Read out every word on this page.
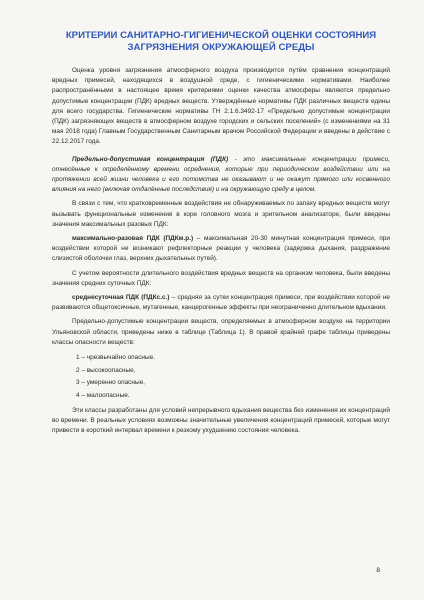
КРИТЕРИИ САНИТАРНО-ГИГИЕНИЧЕСКОЙ ОЦЕНКИ СОСТОЯНИЯ
ЗАГРЯЗНЕНИЯ ОКРУЖАЮЩЕЙ СРЕДЫ

Оценка уровня загрязнения атмосферного воздуха производится путём сравнения концентраций вредных примесей, находящихся в воздушной среде, с гигиеническими нормативами. Наиболее распространёнными в настоящее время критериями оценки качества атмосферы являются предельно допустимые концентрации (ПДК) вредных веществ. Утверждённые нормативы ПДК различных веществ едины для всего государства. Гигиенические нормативы ГН 2.1.6.3492-17 «Предельно допустимые концентрации (ПДК) загрязняющих веществ в атмосферном воздухе городских и сельских поселений» (с изменениями на 31 мая 2018 года) Главным Государственным Санитарным врачом Российской Федерации и введены в действие с 22.12.2017 года.

Предельно-допустимая концентрация (ПДК) - это максимальные концентрации примеси, отнесённые к определённому времени осреднения, которые при периодическом воздействии или на протяжении всей жизни человека и его потомства не оказывают и не окажут прямого или косвенного влияния на него (включая отдалённые последствия) и на окружающую среду в целом.

В связи с тем, что кратковременные воздействия не обнаруживаемых по запаху вредных веществ могут вызывать функциональные изменения в коре головного мозга и зрительном анализаторе, были введены значения максимальных разовых ПДК:

максимально-разовая ПДК (ПДКм.р.) – максимальная 20-30 минутная концентрация примеси, при воздействии которой не возникают рефлекторные реакции у человека (задержка дыхания, раздражение слизистой оболочки глаз, верхних дыхательных путей).

С учетом вероятности длительного воздействия вредных веществ на организм человека, были введены значения средних суточных ПДК:

среднесуточная ПДК (ПДКс.с.) – средняя за сутки концентрация примеси, при воздействии которой не развиваются общетоксичные, мутагенные, канцерогенные эффекты при неограниченно длительном вдыхании.

Предельно-допустимые концентрации веществ, определяемых в атмосферном воздухе на территории Ульяновской области, приведены ниже в таблице (Таблица 1). В правой крайней графе таблицы приведены классы опасности веществ:

1 – чрезвычайно опасные.
2 – высокоопасные,
3 – умеренно опасные,
4 – малоопасные.

Эти классы разработаны для условий непрерывного вдыхания вещества без изменения их концентраций во времени. В реальных условиях возможны значительные увеличения концентраций примесей, которые могут привести в короткий интервал времени к резкому ухудшению состояния человека.

8
